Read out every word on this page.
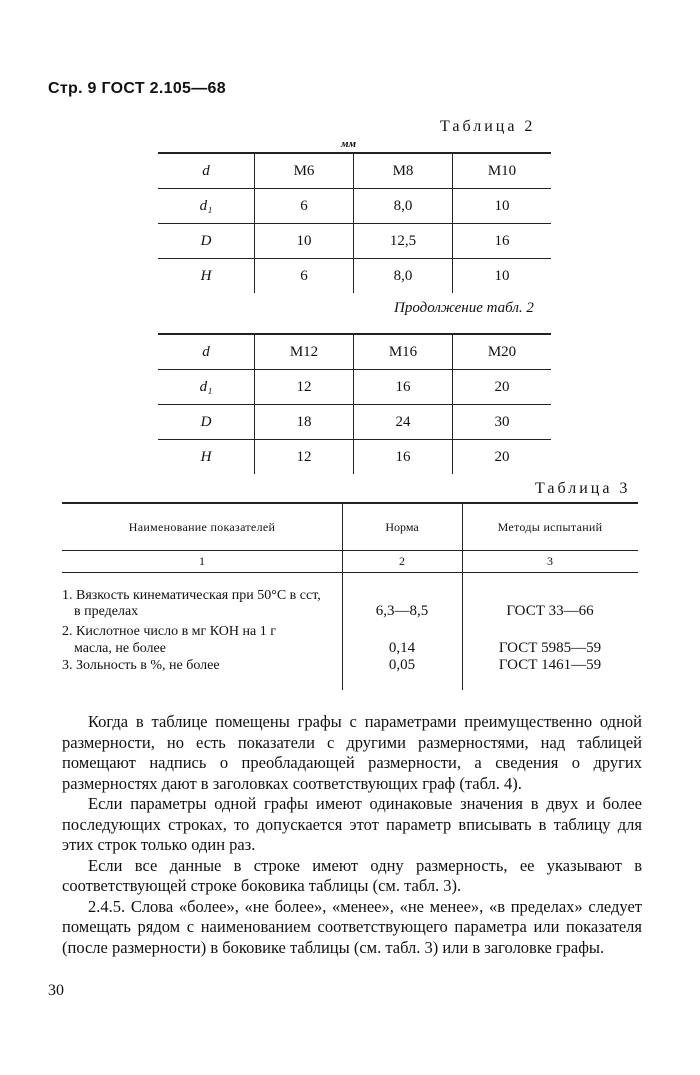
Стр. 9 ГОСТ 2.105—68
Таблица 2
мм
d	M6	M8	M10
d₁	6	8,0	10
D	10	12,5	16
H	6	8,0	10
Продолжение табл. 2
d	M12	M16	M20
d₁	12	16	20
D	18	24	30
H	12	16	20
Таблица 3
Наименование показателей	Норма	Методы испытаний
1	2	3
1. Вязкость кинематическая при 50°С в сст,
в пределах	6,3—8,5	ГОСТ 33—66
2. Кислотное число в мг КОН на 1 г
масла, не более	0,14	ГОСТ 5985—59
3. Зольность в %, не более	0,05	ГОСТ 1461—59

Когда в таблице помещены графы с параметрами преимущественно одной размерности, но есть показатели с другими размерностями, над таблицей помещают надпись о преобладающей размерности, а сведения о других размерностях дают в заголовках соответствующих граф (табл. 4).

Если параметры одной графы имеют одинаковые значения в двух и более последующих строках, то допускается этот параметр вписывать в таблицу для этих строк только один раз.

Если все данные в строке имеют одну размерность, ее указывают в соответствующей строке боковика таблицы (см. табл. 3).

2.4.5. Слова «более», «не более», «менее», «не менее», «в пределах» следует помещать рядом с наименованием соответствующего параметра или показателя (после размерности) в боковике таблицы (см. табл. 3) или в заголовке графы.

30
